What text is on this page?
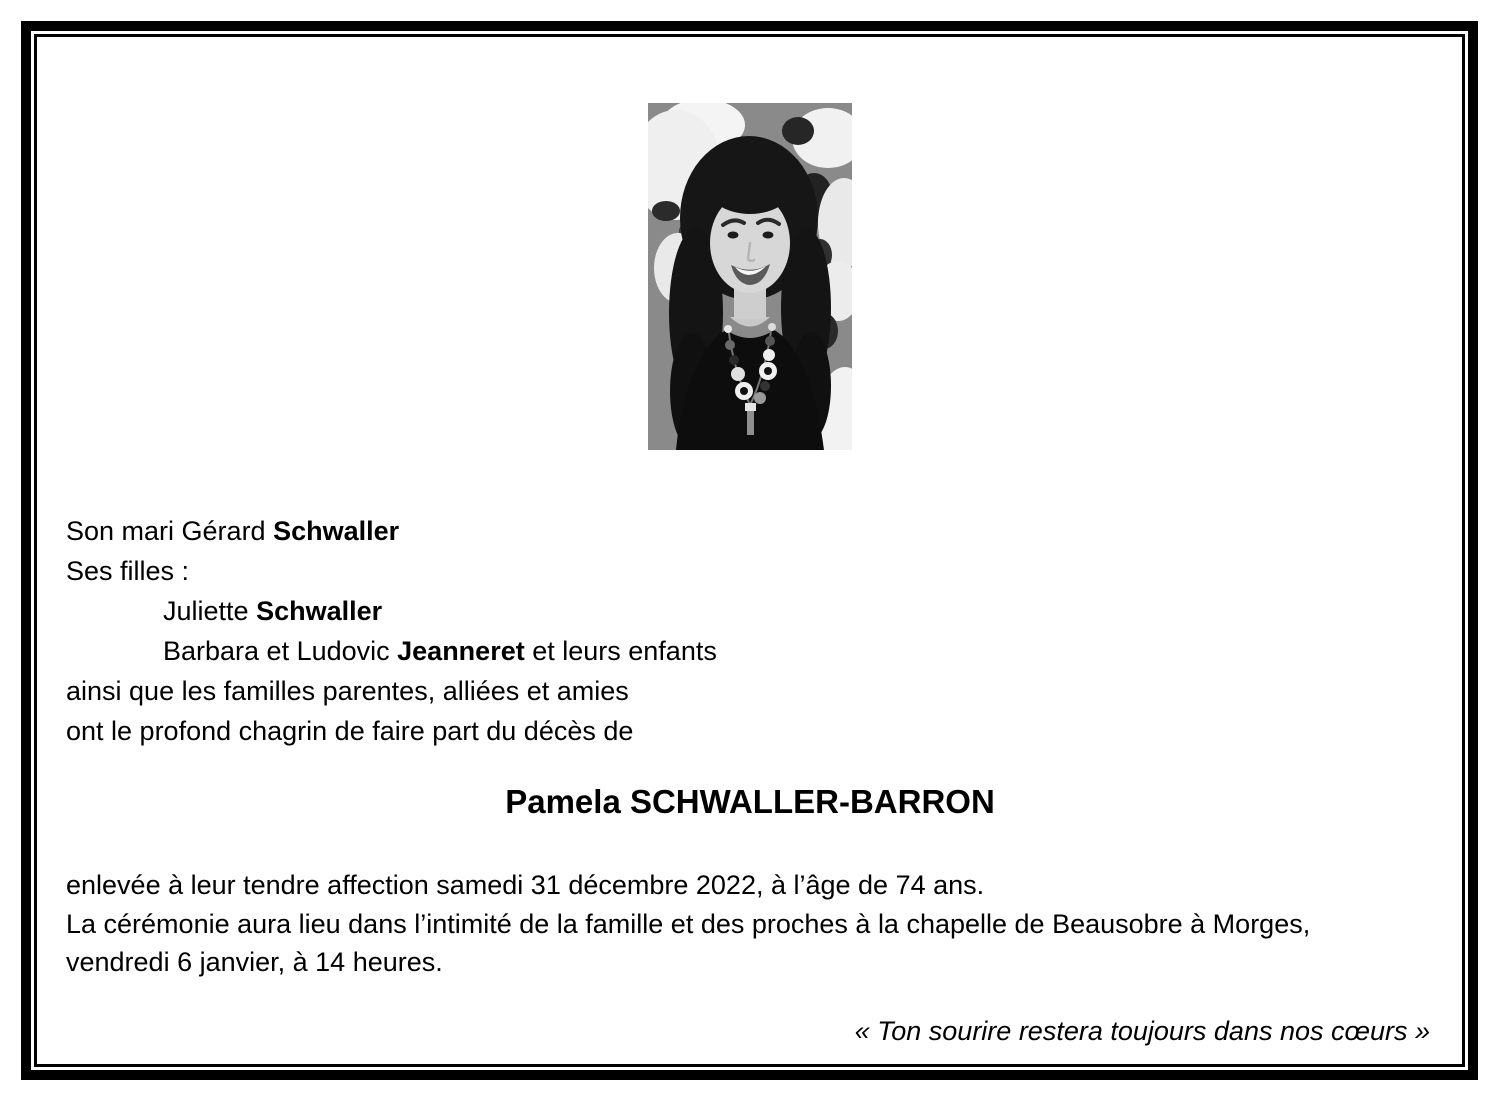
Son mari Gérard Schwaller
Ses filles :
Juliette Schwaller
Barbara et Ludovic Jeanneret et leurs enfants
ainsi que les familles parentes, alliées et amies
ont le profond chagrin de faire part du décès de
Pamela SCHWALLER-BARRON
enlevée à leur tendre affection samedi 31 décembre 2022, à l’âge de 74 ans.
La cérémonie aura lieu dans l’intimité de la famille et des proches à la chapelle de Beausobre à Morges,
vendredi 6 janvier, à 14 heures.
« Ton sourire restera toujours dans nos cœurs »
